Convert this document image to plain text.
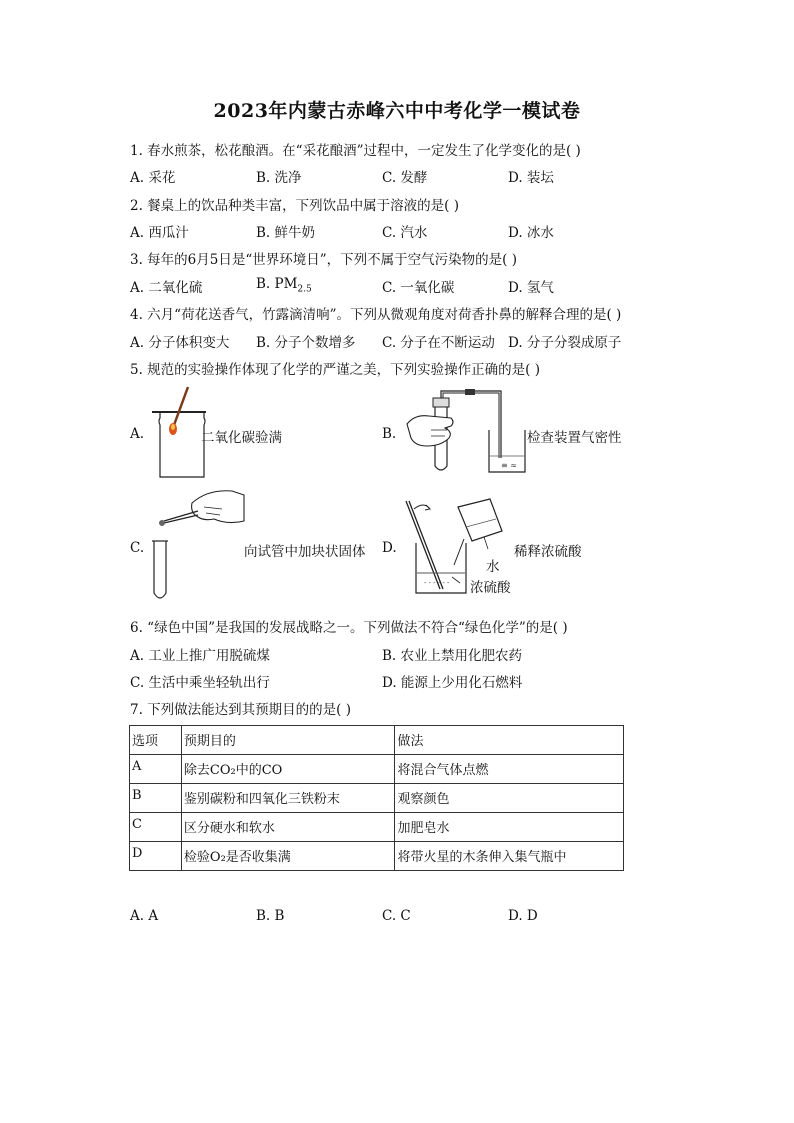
2023年内蒙古赤峰六中中考化学一模试卷
1. 春水煎茶，松花酿酒。在“采花酿酒”过程中，一定发生了化学变化的是( )
A. 采花	B. 洗净	C. 发酵	D. 装坛
2. 餐桌上的饮品种类丰富，下列饮品中属于溶液的是( )
A. 西瓜汁	B. 鲜牛奶	C. 汽水	D. 冰水
3. 每年的6月5日是“世界环境日”，下列不属于空气污染物的是( )
A. 二氧化硫	B. $PM_{2.5}$	C. 一氧化碳	D. 氢气
4. 六月“荷花送香气，竹露滴清响”。下列从微观角度对荷香扑鼻的解释合理的是( )
A. 分子体积变大 B. 分子个数增多 C. 分子在不断运动 D. 分子分裂成原子
5. 规范的实验操作体现了化学的严谨之美，下列实验操作正确的是( )
A.	二氧化碳验满	B.
≡ ≈
检查装置气密性
C.	向试管中加块状固体 D.
- - - - - -
稀释浓硫酸
水
浓硫酸
6. “绿色中国”是我国的发展战略之一。下列做法不符合“绿色化学”的是( )
A. 工业上推广用脱硫煤	B. 农业上禁用化肥农药
C. 生活中乘坐轻轨出行	D. 能源上少用化石燃料
7. 下列做法能达到其预期目的的是( )
选项	预期目的	做法
A	除去CO₂中的CO	将混合气体点燃
B	鉴别碳粉和四氧化三铁粉末	观察颜色
C	区分硬水和软水	加肥皂水
D	检验O₂是否收集满	将带火星的木条伸入集气瓶中
A. A	B. B	C. C	D. D
